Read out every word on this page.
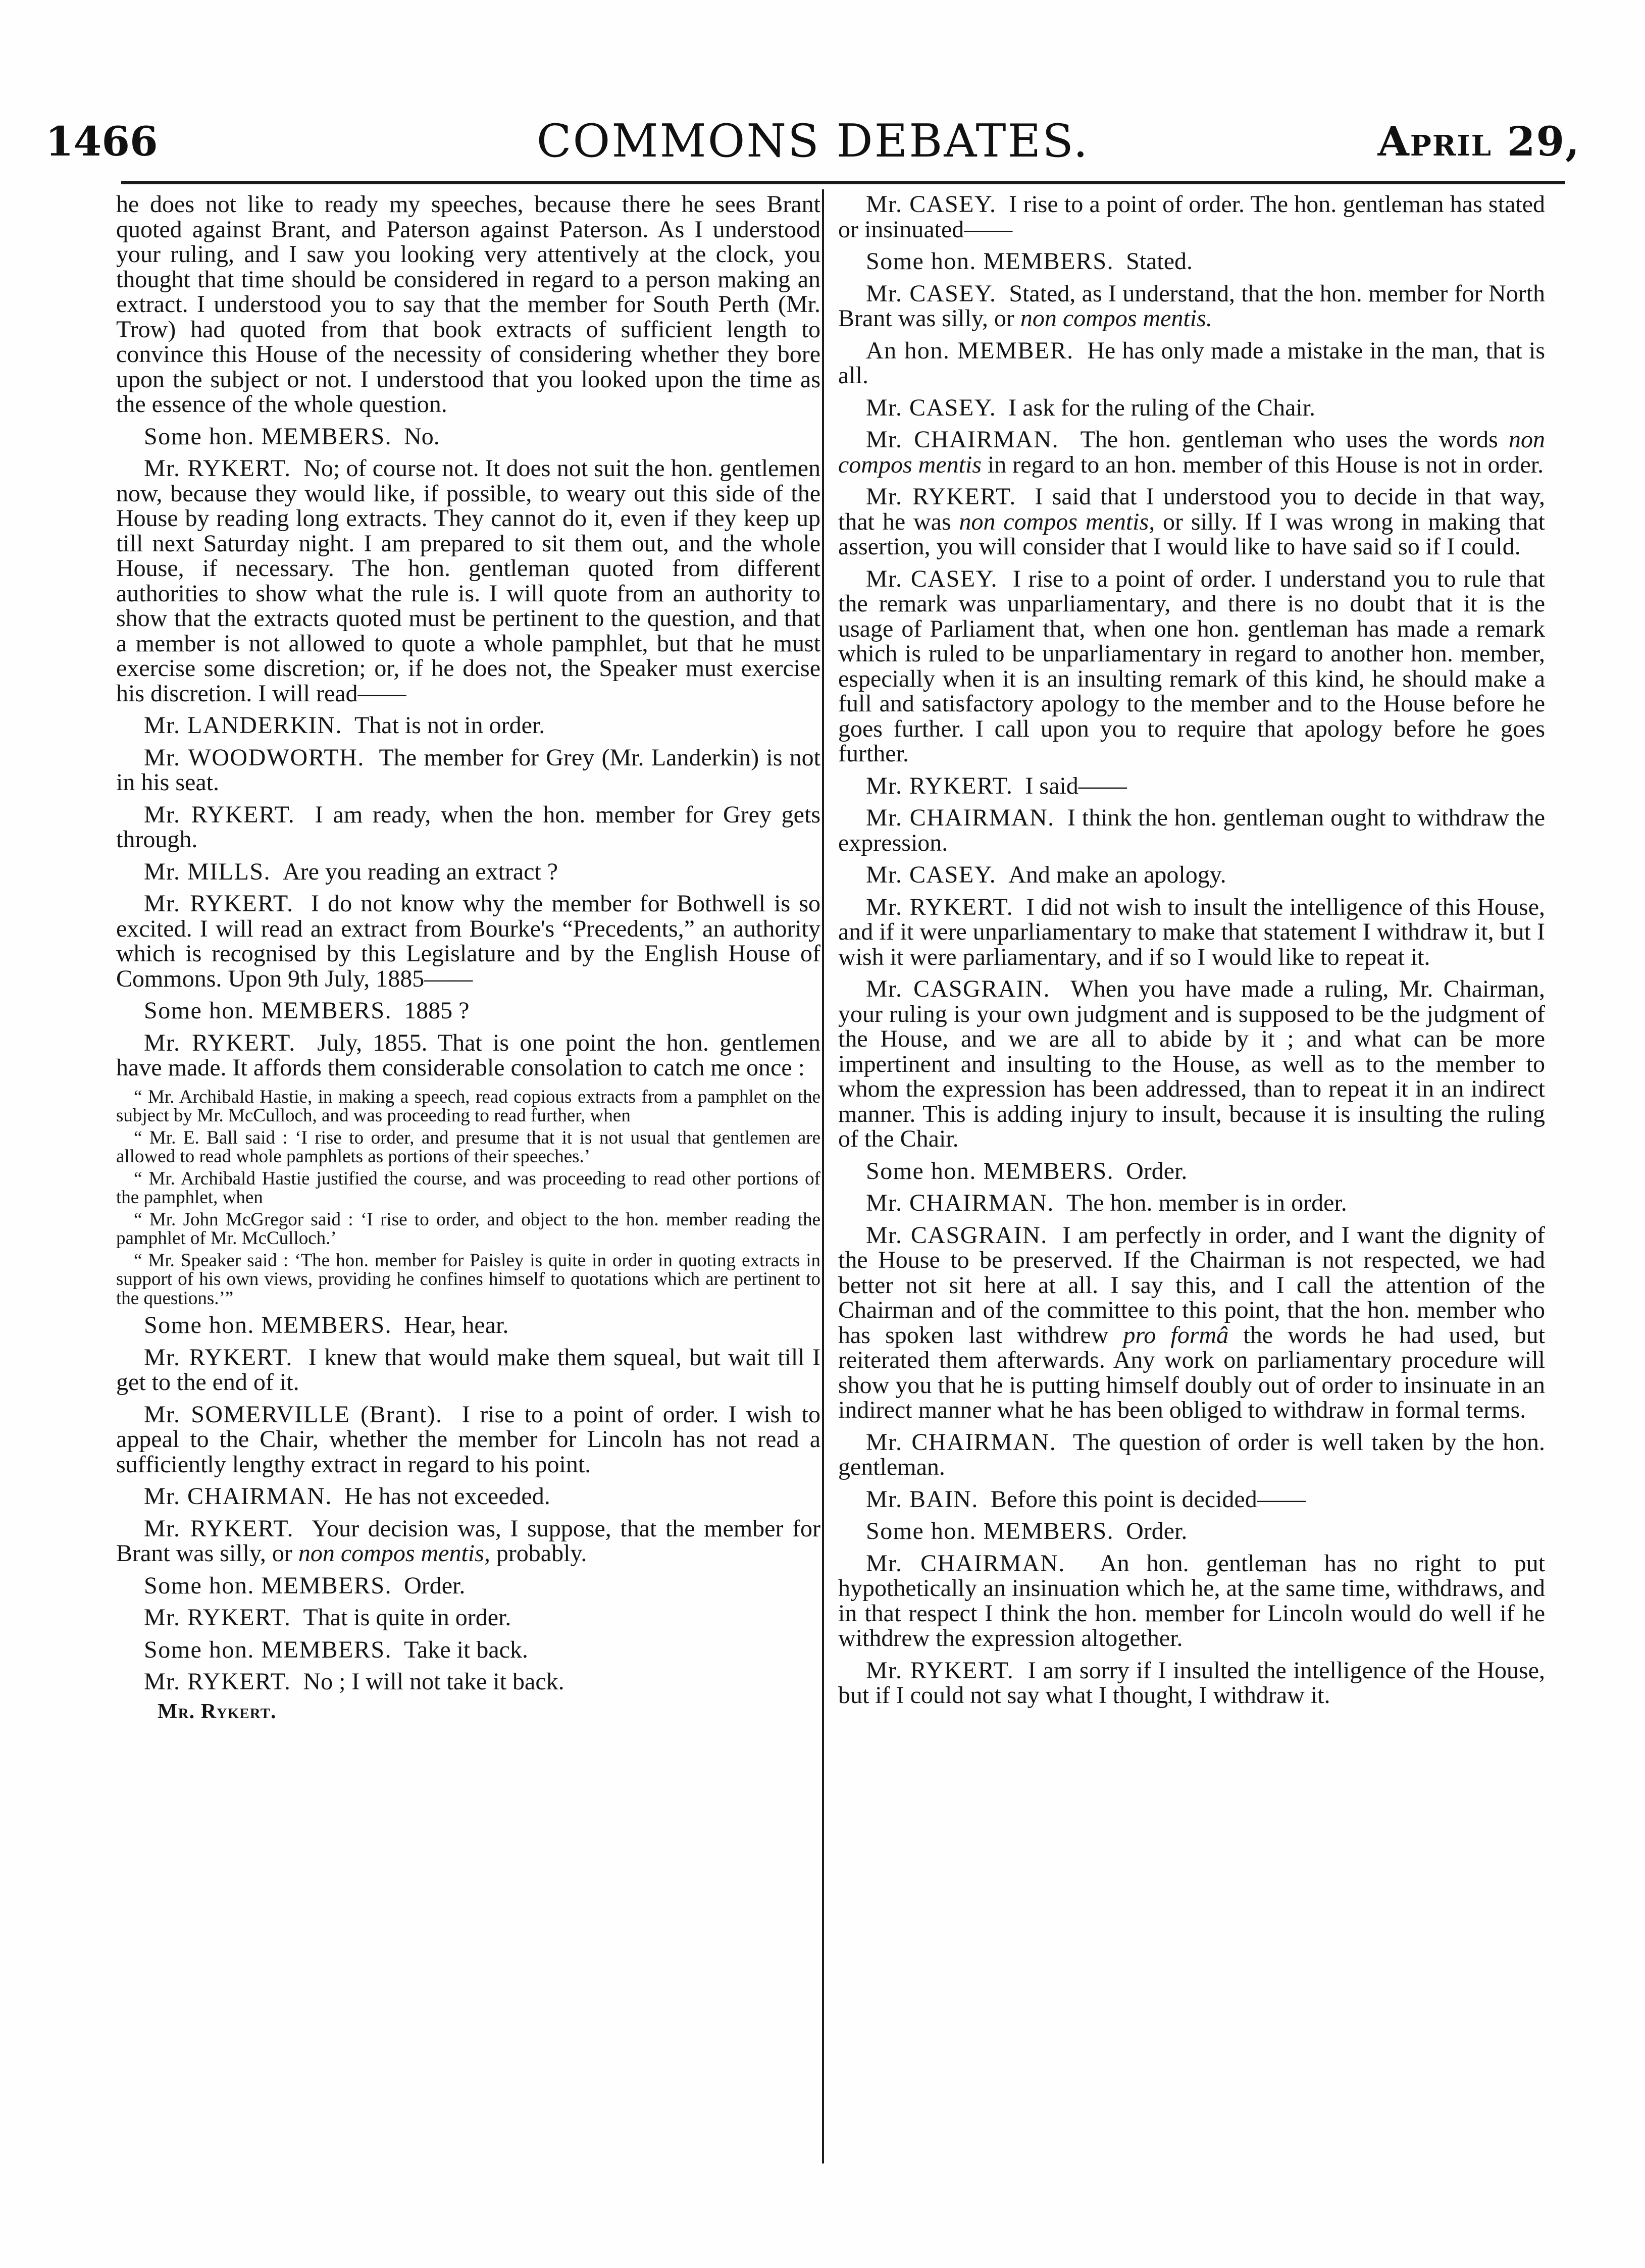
COMMONS DEBATES.
1466	April 29,

he does not like to ready my speeches, because there he sees Brant quoted against Brant, and Paterson against Paterson. As I understood your ruling, and I saw you looking very attentively at the clock, you thought that time should be considered in regard to a person making an extract. I understood you to say that the member for South Perth (Mr. Trow) had quoted from that book extracts of sufficient length to convince this House of the necessity of considering whether they bore upon the subject or not. I understood that you looked upon the time as the essence of the whole question.

Some hon. MEMBERS. No.

Mr. RYKERT. No; of course not. It does not suit the hon. gentlemen now, because they would like, if possible, to weary out this side of the House by reading long extracts. They cannot do it, even if they keep up till next Saturday night. I am prepared to sit them out, and the whole House, if necessary. The hon. gentleman quoted from different authorities to show what the rule is. I will quote from an authority to show that the extracts quoted must be pertinent to the question, and that a member is not allowed to quote a whole pamphlet, but that he must exercise some discretion; or, if he does not, the Speaker must exercise his discretion. I will read——

Mr. LANDERKIN. That is not in order.

Mr. WOODWORTH. The member for Grey (Mr. Landerkin) is not in his seat.

Mr. RYKERT. I am ready, when the hon. member for Grey gets through.

Mr. MILLS. Are you reading an extract ?

Mr. RYKERT. I do not know why the member for Bothwell is so excited. I will read an extract from Bourke's “Precedents,” an authority which is recognised by this Legislature and by the English House of Commons. Upon 9th July, 1885——

Some hon. MEMBERS. 1885 ?

Mr. RYKERT. July, 1855. That is one point the hon. gentlemen have made. It affords them considerable consolation to catch me once :

“ Mr. Archibald Hastie, in making a speech, read copious extracts from a pamphlet on the subject by Mr. McCulloch, and was proceeding to read further, when

“ Mr. E. Ball said : ‘I rise to order, and presume that it is not usual that gentlemen are allowed to read whole pamphlets as portions of their speeches.’

“ Mr. Archibald Hastie justified the course, and was proceeding to read other portions of the pamphlet, when

“ Mr. John McGregor said : ‘I rise to order, and object to the hon. member reading the pamphlet of Mr. McCulloch.’

“ Mr. Speaker said : ‘The hon. member for Paisley is quite in order in quoting extracts in support of his own views, providing he confines himself to quotations which are pertinent to the questions.’”

Some hon. MEMBERS. Hear, hear.

Mr. RYKERT. I knew that would make them squeal, but wait till I get to the end of it.

Mr. SOMERVILLE (Brant). I rise to a point of order. I wish to appeal to the Chair, whether the member for Lincoln has not read a sufficiently lengthy extract in regard to his point.

Mr. CHAIRMAN. He has not exceeded.

Mr. RYKERT. Your decision was, I suppose, that the member for Brant was silly, or non compos mentis, probably.

Some hon. MEMBERS. Order.

Mr. RYKERT. That is quite in order.

Some hon. MEMBERS. Take it back.

Mr. RYKERT. No ; I will not take it back.

Mr. Rykert.

Mr. CASEY. I rise to a point of order. The hon. gentleman has stated or insinuated——

Some hon. MEMBERS. Stated.

Mr. CASEY. Stated, as I understand, that the hon. member for North Brant was silly, or non compos mentis.

An hon. MEMBER. He has only made a mistake in the man, that is all.

Mr. CASEY. I ask for the ruling of the Chair.

Mr. CHAIRMAN. The hon. gentleman who uses the words non compos mentis in regard to an hon. member of this House is not in order.

Mr. RYKERT. I said that I understood you to decide in that way, that he was non compos mentis, or silly. If I was wrong in making that assertion, you will consider that I would like to have said so if I could.

Mr. CASEY. I rise to a point of order. I understand you to rule that the remark was unparliamentary, and there is no doubt that it is the usage of Parliament that, when one hon. gentleman has made a remark which is ruled to be unparliamentary in regard to another hon. member, especially when it is an insulting remark of this kind, he should make a full and satisfactory apology to the member and to the House before he goes further. I call upon you to require that apology before he goes further.

Mr. RYKERT. I said——

Mr. CHAIRMAN. I think the hon. gentleman ought to withdraw the expression.

Mr. CASEY. And make an apology.

Mr. RYKERT. I did not wish to insult the intelligence of this House, and if it were unparliamentary to make that statement I withdraw it, but I wish it were parliamentary, and if so I would like to repeat it.

Mr. CASGRAIN. When you have made a ruling, Mr. Chairman, your ruling is your own judgment and is supposed to be the judgment of the House, and we are all to abide by it ; and what can be more impertinent and insulting to the House, as well as to the member to whom the expression has been addressed, than to repeat it in an indirect manner. This is adding injury to insult, because it is insulting the ruling of the Chair.

Some hon. MEMBERS. Order.

Mr. CHAIRMAN. The hon. member is in order.

Mr. CASGRAIN. I am perfectly in order, and I want the dignity of the House to be preserved. If the Chairman is not respected, we had better not sit here at all. I say this, and I call the attention of the Chairman and of the committee to this point, that the hon. member who has spoken last withdrew pro formâ the words he had used, but reiterated them afterwards. Any work on parliamentary procedure will show you that he is putting himself doubly out of order to insinuate in an indirect manner what he has been obliged to withdraw in formal terms.

Mr. CHAIRMAN. The question of order is well taken by the hon. gentleman.

Mr. BAIN. Before this point is decided——

Some hon. MEMBERS. Order.

Mr. CHAIRMAN. An hon. gentleman has no right to put hypothetically an insinuation which he, at the same time, withdraws, and in that respect I think the hon. member for Lincoln would do well if he withdrew the expression altogether.

Mr. RYKERT. I am sorry if I insulted the intelligence of the House, but if I could not say what I thought, I withdraw it.
